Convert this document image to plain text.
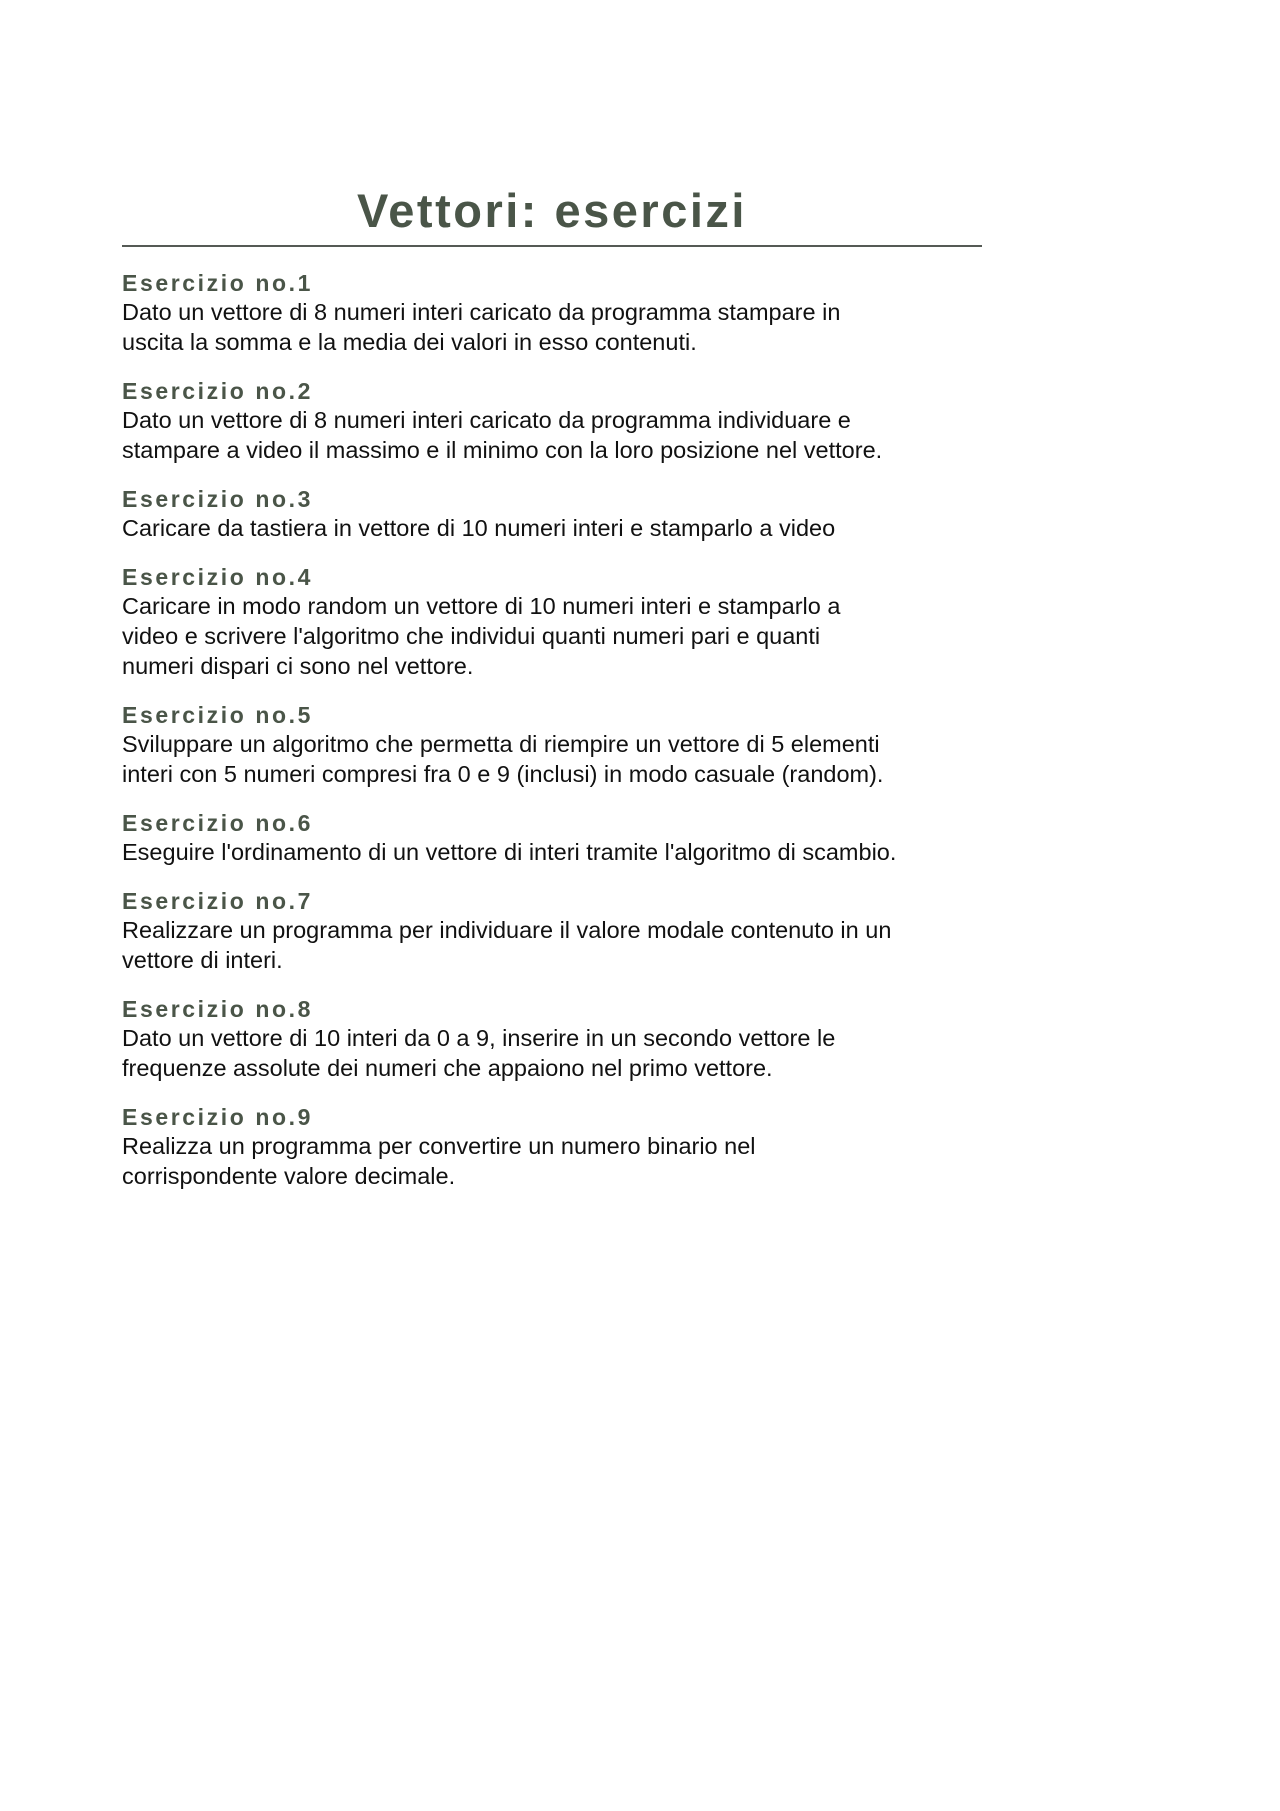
Vettori: esercizi
Esercizio no.1
Dato un vettore di 8 numeri interi caricato da programma stampare in
uscita la somma e la media dei valori in esso contenuti.
Esercizio no.2
Dato un vettore di 8 numeri interi caricato da programma individuare e
stampare a video il massimo e il minimo con la loro posizione nel vettore.
Esercizio no.3
Caricare da tastiera in vettore di 10 numeri interi e stamparlo a video
Esercizio no.4
Caricare in modo random un vettore di 10 numeri interi e stamparlo a
video e scrivere l'algoritmo che individui quanti numeri pari e quanti
numeri dispari ci sono nel vettore.
Esercizio no.5
Sviluppare un algoritmo che permetta di riempire un vettore di 5 elementi
interi con 5 numeri compresi fra 0 e 9 (inclusi) in modo casuale (random).
Esercizio no.6
Eseguire l'ordinamento di un vettore di interi tramite l'algoritmo di scambio.
Esercizio no.7
Realizzare un programma per individuare il valore modale contenuto in un
vettore di interi.
Esercizio no.8
Dato un vettore di 10 interi da 0 a 9, inserire in un secondo vettore le
frequenze assolute dei numeri che appaiono nel primo vettore.
Esercizio no.9
Realizza un programma per convertire un numero binario nel
corrispondente valore decimale.
